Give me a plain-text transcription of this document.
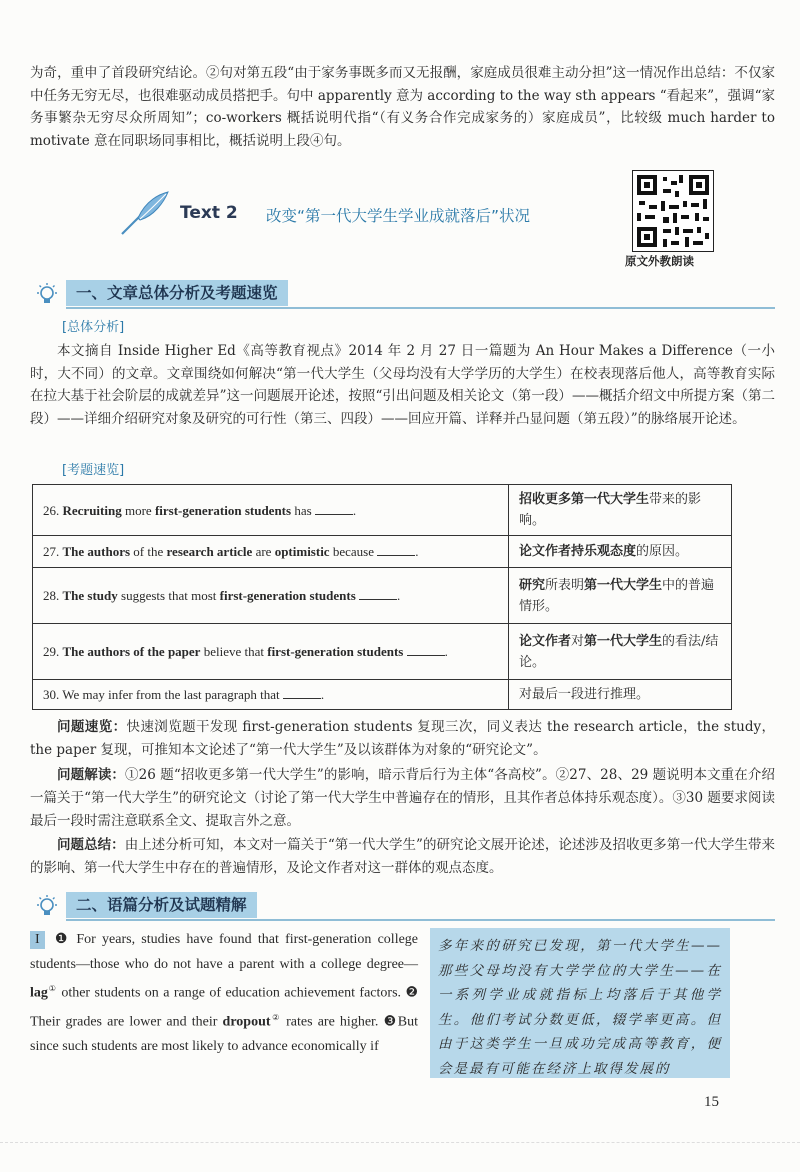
为奇，重申了首段研究结论。②句对第五段“由于家务事既多而又无报酬，家庭成员很难主动分担”这一情况作出总结：不仅家中任务无穷无尽，也很难驱动成员搭把手。句中 apparently 意为 according to the way sth appears “看起来”，强调“家务事繁杂无穷尽众所周知”；co-workers 概括说明代指“（有义务合作完成家务的）家庭成员”，比较级 much harder to motivate 意在同职场同事相比，概括说明上段④句。
Text 2 改变“第一代大学生学业成就落后”状况
原文外教朗读
一、文章总体分析及考题速览
[总体分析]
本文摘自 Inside Higher Ed《高等教育视点》2014 年 2 月 27 日一篇题为 An Hour Makes a Difference（一小时，大不同）的文章。文章围绕如何解决“第一代大学生（父母均没有大学学历的大学生）在校表现落后他人，高等教育实际在拉大基于社会阶层的成就差异”这一问题展开论述，按照“引出问题及相关论文（第一段）——概括介绍文中所提方案（第二段）——详细介绍研究对象及研究的可行性（第三、四段）——回应开篇、详释并凸显问题（第五段）”的脉络展开论述。
[考题速览]
26. Recruiting more first-generation students has .	招收更多第一代大学生带来的影响。
27. The authors of the research article are optimistic because .	论文作者持乐观态度的原因。
28. The study suggests that most first-generation students .	研究所表明第一代大学生中的普遍情形。
29. The authors of the paper believe that first-generation students .	论文作者对第一代大学生的看法/结论。
30. We may infer from the last paragraph that .	对最后一段进行推理。
问题速览：快速浏览题干发现 first-generation students 复现三次，同义表达 the research article，the study，the paper 复现，可推知本文论述了“第一代大学生”及以该群体为对象的“研究论文”。
问题解读：①26 题“招收更多第一代大学生”的影响，暗示背后行为主体“各高校”。②27、28、29 题说明本文重在介绍一篇关于“第一代大学生”的研究论文（讨论了第一代大学生中普遍存在的情形，且其作者总体持乐观态度）。③30 题要求阅读最后一段时需注意联系全文、提取言外之意。
问题总结：由上述分析可知，本文对一篇关于“第一代大学生”的研究论文展开论述，论述涉及招收更多第一代大学生带来的影响、第一代大学生中存在的普遍情形，及论文作者对这一群体的观点态度。
二、语篇分析及试题精解
I ❶ For years, studies have found that first-generation college students—those who do not have a parent with a college degree—lag① other students on a range of education achievement factors. ❷ Their grades are lower and their dropout② rates are higher. ❸But since such students are most likely to advance economically if
多年来的研究已发现，第一代大学生——那些父母均没有大学学位的大学生——在一系列学业成就指标上均落后于其他学生。他们考试分数更低，辍学率更高。但由于这类学生一旦成功完成高等教育，便会是最有可能在经济上取得发展的
15
